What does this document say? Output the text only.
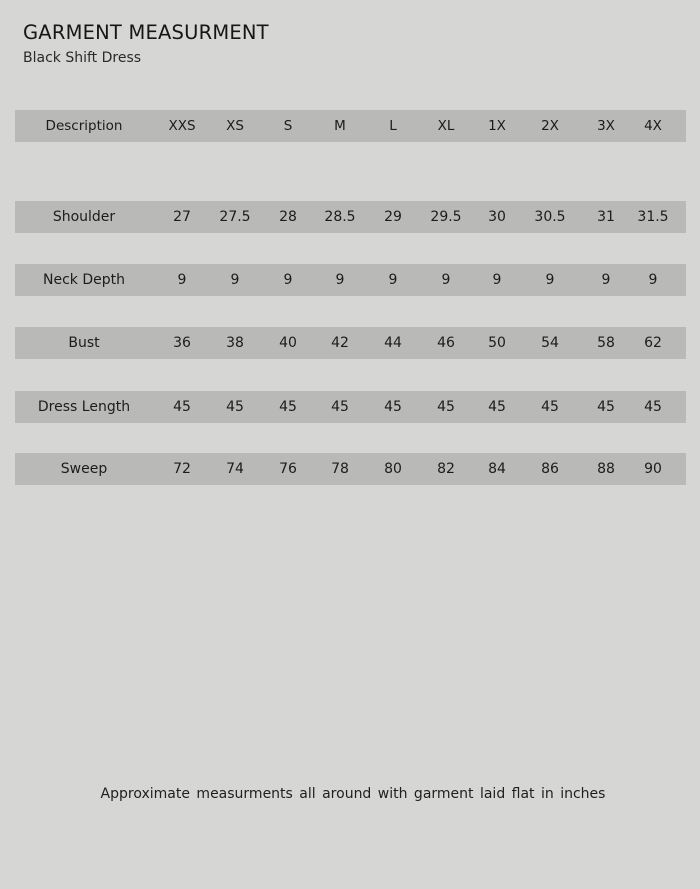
GARMENT MEASURMENT
Black Shift Dress
Description	XXS	XS	S	M	L	XL	1X	2X	3X	4X
Shoulder	27	27.5	28	28.5	29	29.5	30	30.5	31	31.5
Neck Depth	9	9	9	9	9	9	9	9	9	9
Bust	36	38	40	42	44	46	50	54	58	62
Dress Length	45	45	45	45	45	45	45	45	45	45
Sweep	72	74	76	78	80	82	84	86	88	90
Approximate measurments all around with garment laid flat in inches
